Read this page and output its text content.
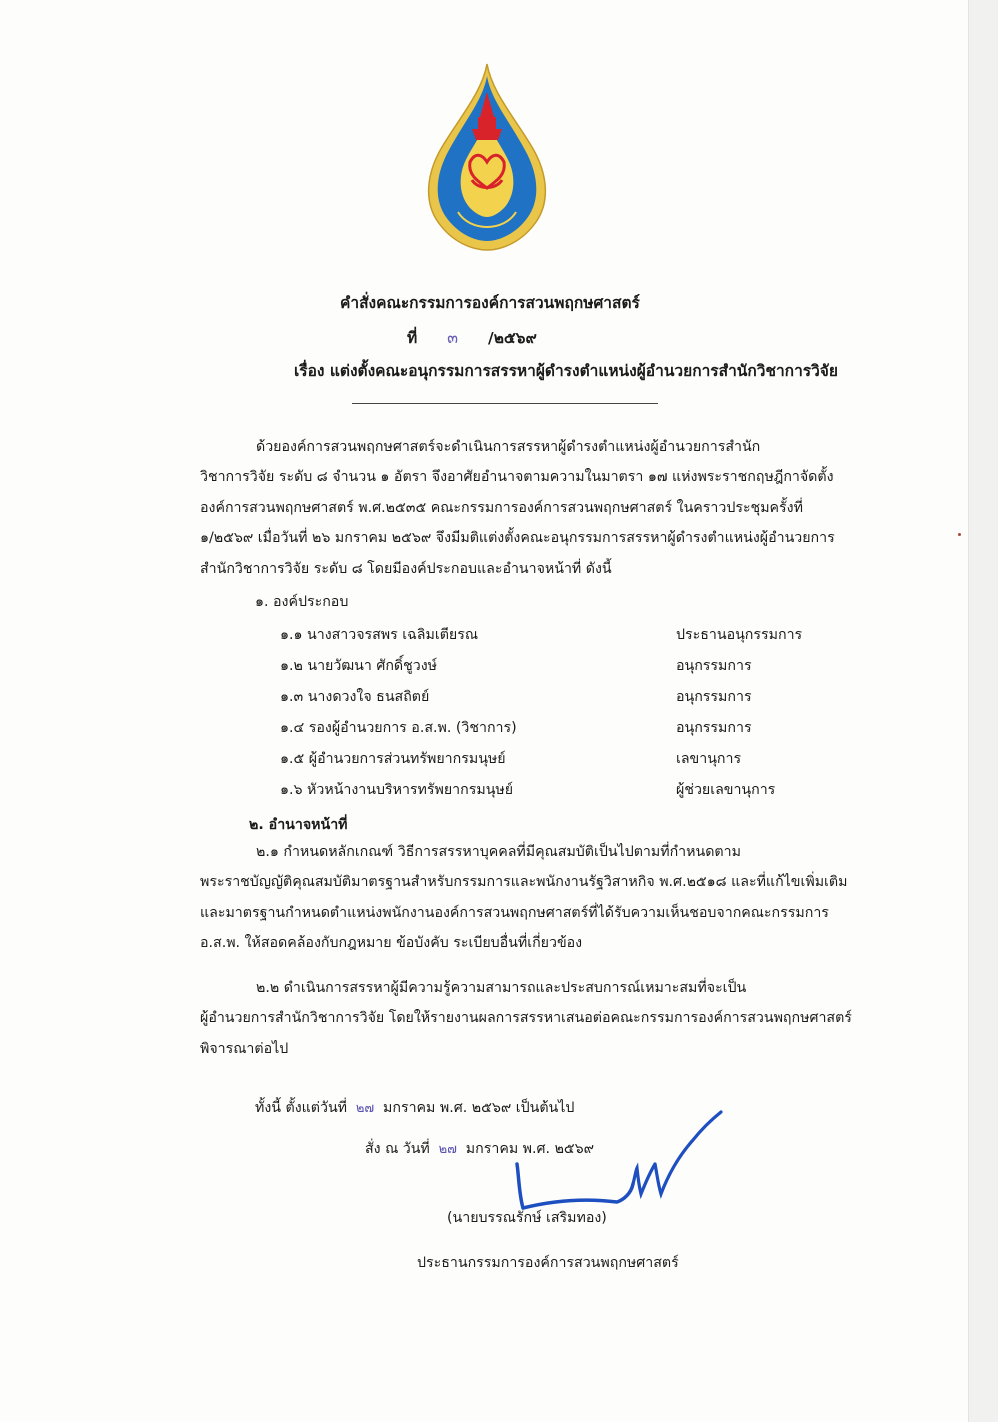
คำสั่งคณะกรรมการองค์การสวนพฤกษศาสตร์
ที่ ๓ /๒๕๖๙
เรื่อง แต่งตั้งคณะอนุกรรมการสรรหาผู้ดำรงตำแหน่งผู้อำนวยการสำนักวิชาการวิจัย
ด้วยองค์การสวนพฤกษศาสตร์จะดำเนินการสรรหาผู้ดำรงตำแหน่งผู้อำนวยการสำนัก
วิชาการวิจัย ระดับ ๘ จำนวน ๑ อัตรา จึงอาศัยอำนาจตามความในมาตรา ๑๗ แห่งพระราชกฤษฎีกาจัดตั้ง
องค์การสวนพฤกษศาสตร์ พ.ศ.๒๕๓๕ คณะกรรมการองค์การสวนพฤกษศาสตร์ ในคราวประชุมครั้งที่
๑/๒๕๖๙ เมื่อวันที่ ๒๖ มกราคม ๒๕๖๙ จึงมีมติแต่งตั้งคณะอนุกรรมการสรรหาผู้ดำรงตำแหน่งผู้อำนวยการ
สำนักวิชาการวิจัย ระดับ ๘ โดยมีองค์ประกอบและอำนาจหน้าที่ ดังนี้
๑. องค์ประกอบ
๑.๑ นางสาวจรสพร เฉลิมเตียรณ	ประธานอนุกรรมการ
๑.๒ นายวัฒนา ศักดิ์ชูวงษ์	อนุกรรมการ
๑.๓ นางดวงใจ ธนสถิตย์	อนุกรรมการ
๑.๔ รองผู้อำนวยการ อ.ส.พ. (วิชาการ)	อนุกรรมการ
๑.๕ ผู้อำนวยการส่วนทรัพยากรมนุษย์	เลขานุการ
๑.๖ หัวหน้างานบริหารทรัพยากรมนุษย์	ผู้ช่วยเลขานุการ
๒. อำนาจหน้าที่
๒.๑ กำหนดหลักเกณฑ์ วิธีการสรรหาบุคคลที่มีคุณสมบัติเป็นไปตามที่กำหนดตาม
พระราชบัญญัติคุณสมบัติมาตรฐานสำหรับกรรมการและพนักงานรัฐวิสาหกิจ พ.ศ.๒๕๑๘ และที่แก้ไขเพิ่มเติม
และมาตรฐานกำหนดตำแหน่งพนักงานองค์การสวนพฤกษศาสตร์ที่ได้รับความเห็นชอบจากคณะกรรมการ
อ.ส.พ. ให้สอดคล้องกับกฎหมาย ข้อบังคับ ระเบียบอื่นที่เกี่ยวข้อง
๒.๒ ดำเนินการสรรหาผู้มีความรู้ความสามารถและประสบการณ์เหมาะสมที่จะเป็น
ผู้อำนวยการสำนักวิชาการวิจัย โดยให้รายงานผลการสรรหาเสนอต่อคณะกรรมการองค์การสวนพฤกษศาสตร์
พิจารณาต่อไป
ทั้งนี้ ตั้งแต่วันที่ ๒๗ มกราคม พ.ศ. ๒๕๖๙ เป็นต้นไป
สั่ง ณ วันที่ ๒๗ มกราคม พ.ศ. ๒๕๖๙
(นายบรรณรักษ์ เสริมทอง)
ประธานกรรมการองค์การสวนพฤกษศาสตร์
